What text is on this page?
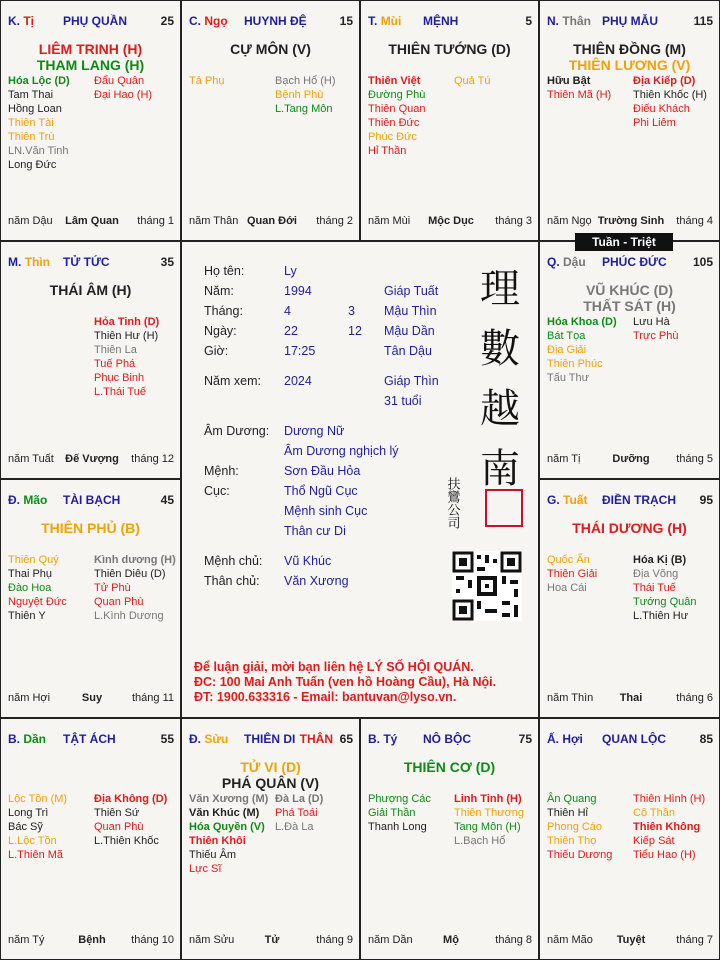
K. Tị PHỤ QUẦN	25
LIÊM TRINH (H)
THAM LANG (H)
Hóa Lộc (D)
Tam Thai
Hồng Loan
Thiên Tài
Thiên Trù
LN.Văn Tinh
Long Đức
Đẩu Quân
Đại Hao (H)
năm Dậu	Lâm Quan	tháng 1
C. Ngọ HUYNH ĐỆ	15
CỰ MÔN (V)
Tả Phụ	Bạch Hổ (H)
Bệnh Phù
L.Tang Môn
năm Thân Quan Đới	tháng 2
T. Mùi MỆNH	5
THIÊN TƯỚNG (D)
Thiên Việt
Đường Phù
Thiên Quan
Thiên Đức
Phúc Đức
Hỉ Thần
Quả Tú
năm Mùi	Mộc Dục	tháng 3
N. Thân PHỤ MẪU	115
THIÊN ĐỒNG (M)
THIÊN LƯƠNG (V)
Hữu Bật
Thiên Mã (H)
Địa Kiếp (D)
Thiên Khốc (H)
Điếu Khách
Phi Liêm
năm Ngọ Trường Sinh	tháng 4
M. Thìn TỬ TỨC	35
THÁI ÂM (H)
Hỏa Tinh (D)
Thiên Hư (H)
Thiên La
Tuế Phá
Phục Binh
L.Thái Tuế
năm Tuất	Đế Vượng	tháng 12
Q. Dậu PHÚC ĐỨC 105
VŨ KHÚC (D)
THẤT SÁT (H)
Hóa Khoa (D)
Bát Tọa
Địa Giải
Thiên Phúc
Tấu Thư
Lưu Hà
Trực Phù
năm Tị	Dưỡng	tháng 5
Đ. Mão TÀI BẠCH	45
THIÊN PHỦ (B)
Thiên Quý
Thai Phụ
Đào Hoa
Nguyệt Đức
Thiên Y
Kình dương (H)
Thiên Diêu (D)
Tử Phù
Quan Phù
L.Kình Dương
năm Hợi	Suy	tháng 11
G. Tuất ĐIỀN TRẠCH 95
THÁI DƯƠNG (H)
Quốc Ấn
Thiên Giải
Hoa Cái
Hóa Kị (B)
Địa Võng
Thái Tuế
Tướng Quân
L.Thiên Hư
năm Thìn	Thai	tháng 6
B. Dần TẬT ÁCH	55
Lộc Tồn (M)
Long Trì
Bác Sỹ
L.Lộc Tồn
L.Thiên Mã
Địa Không (D)
Thiên Sứ
Quan Phù
L.Thiên Khốc
năm Tý	Bệnh	tháng 10
Đ. Sửu THIÊN DI THÂN 65
TỬ VI (D)
PHÁ QUÂN (V)
Văn Xương (M)
Văn Khúc (M)
Hóa Quyền (V)
Thiên Khôi
Thiếu Âm
Lực Sĩ
Đà La (D)
Phá Toái
L.Đà La
năm Sửu	Tử	tháng 9
B. Tý NÔ BỘC	75
THIÊN CƠ (D)
Phượng Các
Giải Thần
Thanh Long
Linh Tinh (H)
Thiên Thương
Tang Môn (H)
L.Bạch Hổ
năm Dần	Mộ	tháng 8
Ấ. Hợi QUAN LỘC	85
Ân Quang
Thiên Hỉ
Phong Cáo
Thiên Thọ
Thiếu Dương
Thiên Hình (H)
Cô Thần
Thiên Không
Kiếp Sát
Tiểu Hao (H)
năm Mão	Tuyệt	tháng 7
Họ tên:	Ly
Năm:	1994	Giáp Tuất
Tháng:	4	3 Mậu Thìn
Ngày:	22	12 Mậu Dần
Giờ:	17:25	Tân Dậu
Năm xem: 2024	Giáp Thìn
31 tuổi
Âm Dương: Dương Nữ
Âm Dương nghịch lý
Mệnh:	Sơn Đầu Hỏa
Cục:	Thổ Ngũ Cục
Mệnh sinh Cục
Thân cư Di
Mệnh chủ: Vũ Khúc
Thân chủ: Văn Xương
理
數
越
南
扶鸞公司
Để luận giải, mời bạn liên hệ LÝ SỐ HỘI QUÁN.
ĐC: 100 Mai Anh Tuấn (ven hồ Hoàng Cầu), Hà Nội.
ĐT: 1900.633316 - Email: bantuvan@lyso.vn.
Tuần - Triệt
